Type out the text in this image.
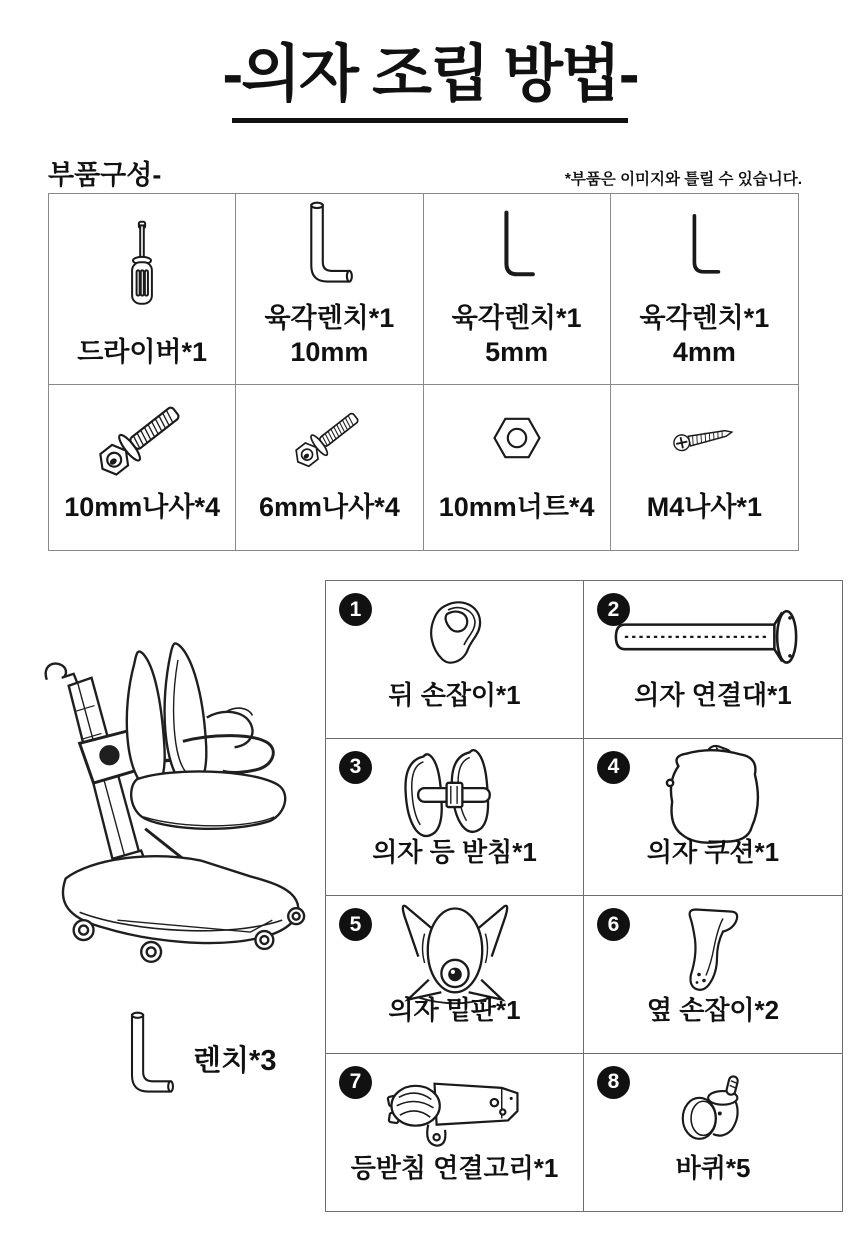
-의자 조립 방법-
부품구성-	*부품은 이미지와 틀릴 수 있습니다.
드라이버*1
육각렌치*1
10mm
육각렌치*1
5mm
육각렌치*1
4mm
10mm나사*4 6mm나사*4 10mm너트*4 M4나사*1
렌치*3
1
뒤 손잡이*1
2
의자 연결대*1
3
의자 등 받침*1
4
의자 쿠션*1
5
의자 밑판*1
6
옆 손잡이*2
7
등받침 연결고리*1
8
바퀴*5
